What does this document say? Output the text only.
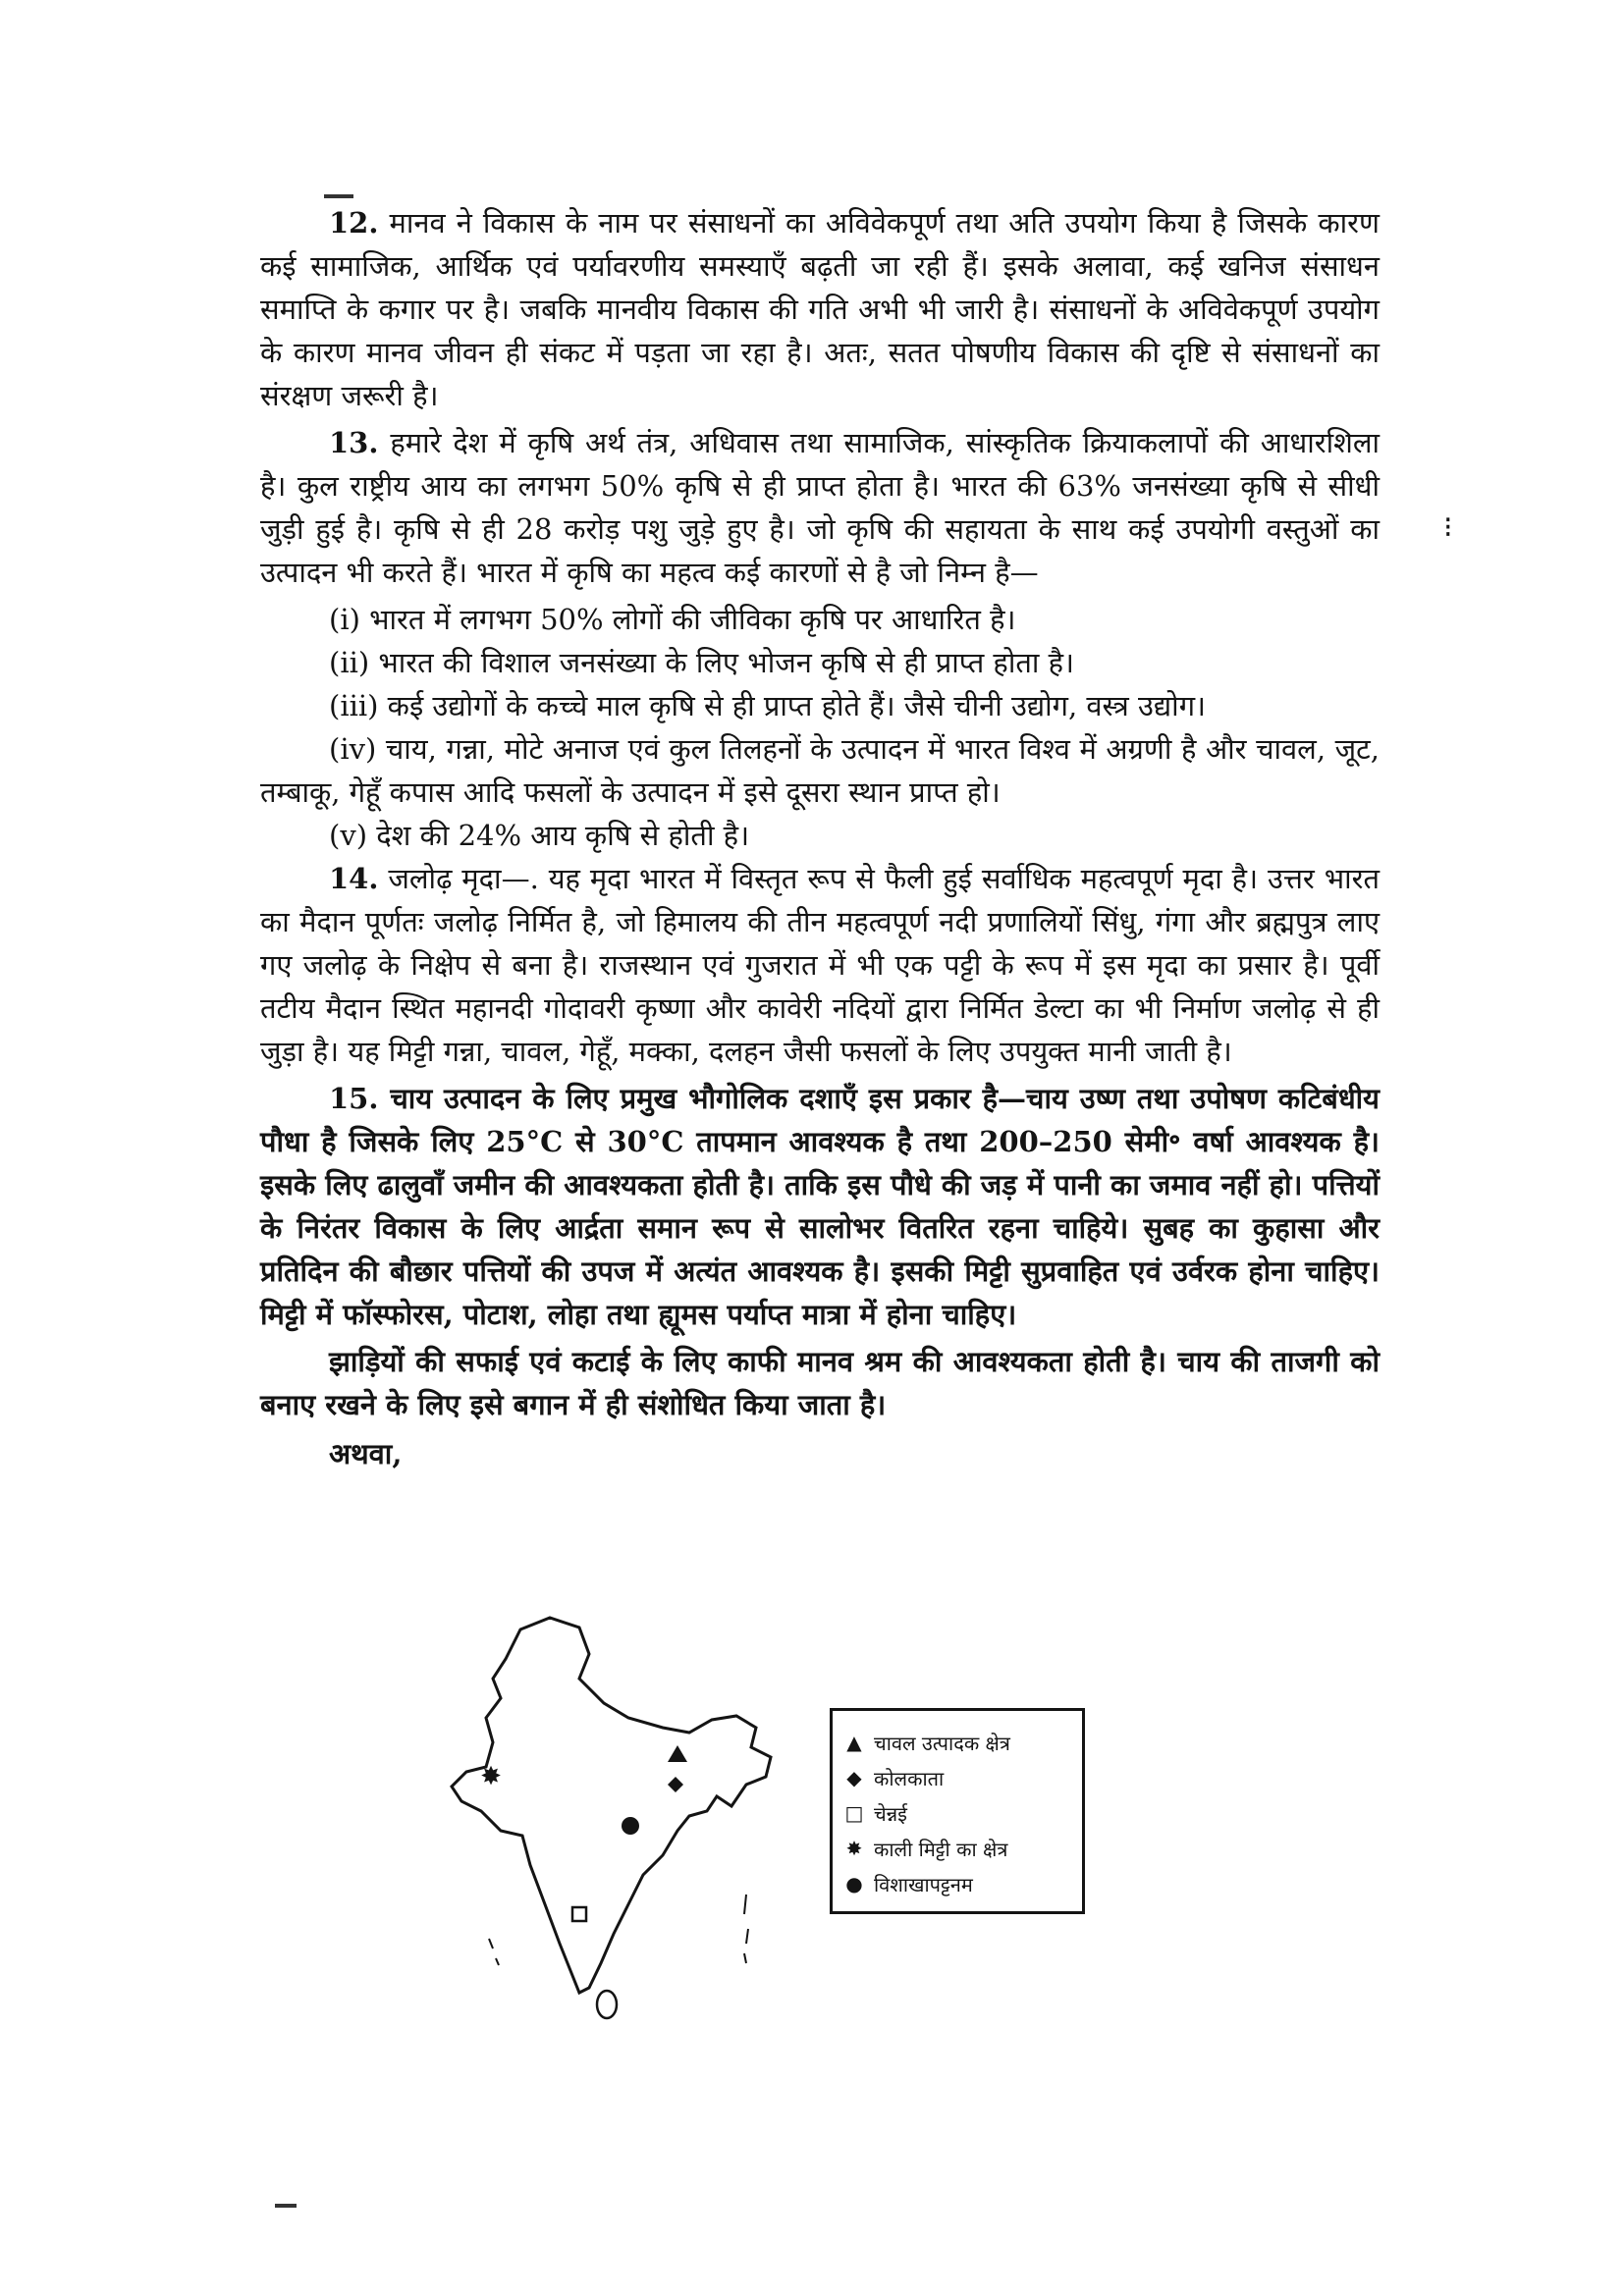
⁝

12. मानव ने विकास के नाम पर संसाधनों का अविवेकपूर्ण तथा अति उपयोग किया है जिसके कारण कई सामाजिक, आर्थिक एवं पर्यावरणीय समस्याएँ बढ़ती जा रही हैं। इसके अलावा, कई खनिज संसाधन समाप्ति के कगार पर है। जबकि मानवीय विकास की गति अभी भी जारी है। संसाधनों के अविवेकपूर्ण उपयोग के कारण मानव जीवन ही संकट में पड़ता जा रहा है। अतः, सतत पोषणीय विकास की दृष्टि से संसाधनों का संरक्षण जरूरी है।

13. हमारे देश में कृषि अर्थ तंत्र, अधिवास तथा सामाजिक, सांस्कृतिक क्रियाकलापों की आधारशिला है। कुल राष्ट्रीय आय का लगभग 50% कृषि से ही प्राप्त होता है। भारत की 63% जनसंख्या कृषि से सीधी जुड़ी हुई है। कृषि से ही 28 करोड़ पशु जुड़े हुए है। जो कृषि की सहायता के साथ कई उपयोगी वस्तुओं का उत्पादन भी करते हैं। भारत में कृषि का महत्व कई कारणों से है जो निम्न है—

(i) भारत में लगभग 50% लोगों की जीविका कृषि पर आधारित है।

(ii) भारत की विशाल जनसंख्या के लिए भोजन कृषि से ही प्राप्त होता है।

(iii) कई उद्योगों के कच्चे माल कृषि से ही प्राप्त होते हैं। जैसे चीनी उद्योग, वस्त्र उद्योग।

(iv) चाय, गन्ना, मोटे अनाज एवं कुल तिलहनों के उत्पादन में भारत विश्व में अग्रणी है और चावल, जूट, तम्बाकू, गेहूँ कपास आदि फसलों के उत्पादन में इसे दूसरा स्थान प्राप्त हो।

(v) देश की 24% आय कृषि से होती है।

14. जलोढ़ मृदा—. यह मृदा भारत में विस्तृत रूप से फैली हुई सर्वाधिक महत्वपूर्ण मृदा है। उत्तर भारत का मैदान पूर्णतः जलोढ़ निर्मित है, जो हिमालय की तीन महत्वपूर्ण नदी प्रणालियों सिंधु, गंगा और ब्रह्मपुत्र लाए गए जलोढ़ के निक्षेप से बना है। राजस्थान एवं गुजरात में भी एक पट्टी के रूप में इस मृदा का प्रसार है। पूर्वी तटीय मैदान स्थित महानदी गोदावरी कृष्णा और कावेरी नदियों द्वारा निर्मित डेल्टा का भी निर्माण जलोढ़ से ही जुड़ा है। यह मिट्टी गन्ना, चावल, गेहूँ, मक्का, दलहन जैसी फसलों के लिए उपयुक्त मानी जाती है।

15. चाय उत्पादन के लिए प्रमुख भौगोलिक दशाएँ इस प्रकार है—चाय उष्ण तथा उपोषण कटिबंधीय पौधा है जिसके लिए 25°C से 30°C तापमान आवश्यक है तथा 200–250 सेमी॰ वर्षा आवश्यक है। इसके लिए ढालुवाँ जमीन की आवश्यकता होती है। ताकि इस पौधे की जड़ में पानी का जमाव नहीं हो। पत्तियों के निरंतर विकास के लिए आर्द्रता समान रूप से सालोभर वितरित रहना चाहिये। सुबह का कुहासा और प्रतिदिन की बौछार पत्तियों की उपज में अत्यंत आवश्यक है। इसकी मिट्टी सुप्रवाहित एवं उर्वरक होना चाहिए। मिट्टी में फॉस्फोरस, पोटाश, लोहा तथा ह्यूमस पर्याप्त मात्रा में होना चाहिए।

झाड़ियों की सफाई एवं कटाई के लिए काफी मानव श्रम की आवश्यकता होती है। चाय की ताजगी को बनाए रखने के लिए इसे बगान में ही संशोधित किया जाता है।

अथवा,

✸
▲ चावल उत्पादक क्षेत्र
◆ कोलकाता
□ चेन्नई
✸ काली मिट्टी का क्षेत्र
● विशाखापट्टनम
